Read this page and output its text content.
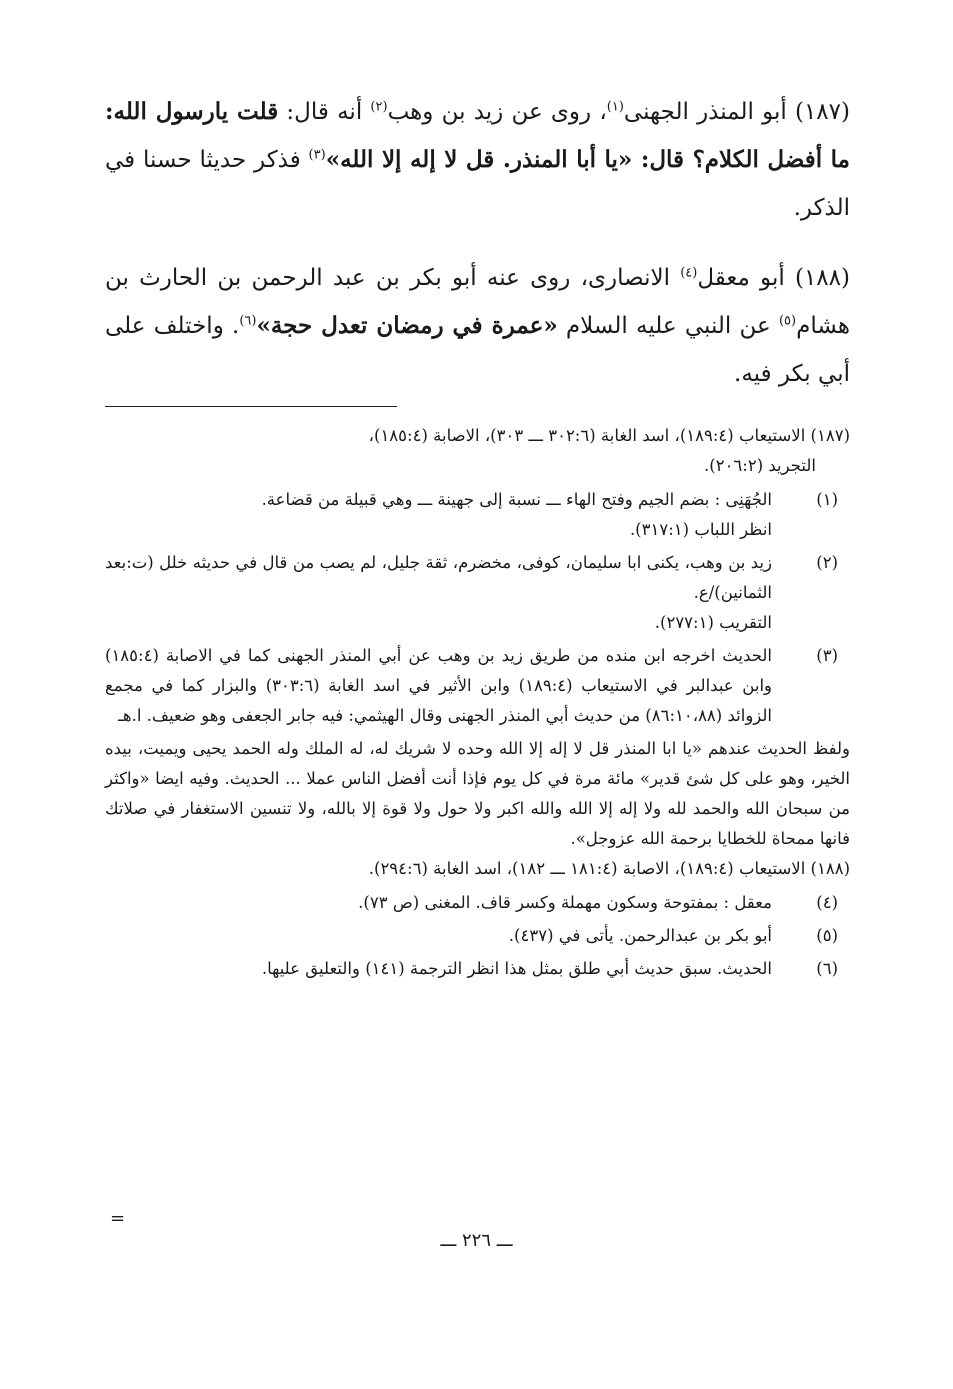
(١٨٧) أبو المنذر الجهنى$^{(١)}$، روى عن زيد بن وهب$^{(٢)}$ أنه قال: قلت يارسول الله: ما أفضل الكلام؟ قال: «يا أبا المنذر. قل لا إله إلا الله»$^{(٣)}$ فذكر حديثا حسنا في الذكر.

(١٨٨) أبو معقل$^{(٤)}$ الانصارى، روى عنه أبو بكر بن عبد الرحمن بن الحارث بن هشام$^{(٥)}$ عن النبي عليه السلام «عمرة في رمضان تعدل حجة»$^{(٦)}$. واختلف على أبي بكر فيه.

(١٨٧) الاستيعاب (١٨٩:٤)، اسد الغابة (٣٠٢:٦ ـــ ٣٠٣)، الاصابة (١٨٥:٤)،
التجريد (٢٠٦:٢).

(١)

الجُهَنِى : بضم الجيم وفتح الهاء ـــ نسبة إلى جهينة ـــ وهي قبيلة من قضاعة.

انظر اللباب (٣١٧:١).

(٢)

زيد بن وهب، يكنى ابا سليمان، كوفى، مخضرم، ثقة جليل، لم يصب من قال في حديثه خلل (ت:بعد الثمانين)/ع.

التقريب (٢٧٧:١).

(٣)

الحديث اخرجه ابن منده من طريق زيد بن وهب عن أبي المنذر الجهنى كما في الاصابة (١٨٥:٤) وابن عبدالبر في الاستيعاب (١٨٩:٤) وابن الأثير في اسد الغابة (٣٠٣:٦) والبزار كما في مجمع الزوائد (٨٦:١٠،٨٨) من حديث أبي المنذر الجهنى وقال الهيثمي: فيه جابر الجعفى وهو ضعيف. ا.هـ

ولفظ الحديث عندهم «يا ابا المنذر قل لا إله إلا الله وحده لا شريك له، له الملك وله الحمد يحيى ويميت، بيده الخير، وهو على كل شئ قدير» مائة مرة في كل يوم فإذا أنت أفضل الناس عملا ... الحديث. وفيه ايضا «واكثر من سبحان الله والحمد لله ولا إله إلا الله والله اكبر ولا حول ولا قوة إلا بالله، ولا تنسين الاستغفار في صلاتك فانها ممحاة للخطايا برحمة الله عزوجل».

(١٨٨) الاستيعاب (١٨٩:٤)، الاصابة (١٨١:٤ ـــ ١٨٢)، اسد الغابة (٢٩٤:٦).

(٤)

معقل : بمفتوحة وسكون مهملة وكسر قاف. المغنى (ص ٧٣).

(٥)

أبو بكر بن عبدالرحمن. يأتى في (٤٣٧).

(٦)

الحديث. سبق حديث أبي طلق بمثل هذا انظر الترجمة (١٤١) والتعليق عليها.

=
ـــ ٢٢٦ ـــ
